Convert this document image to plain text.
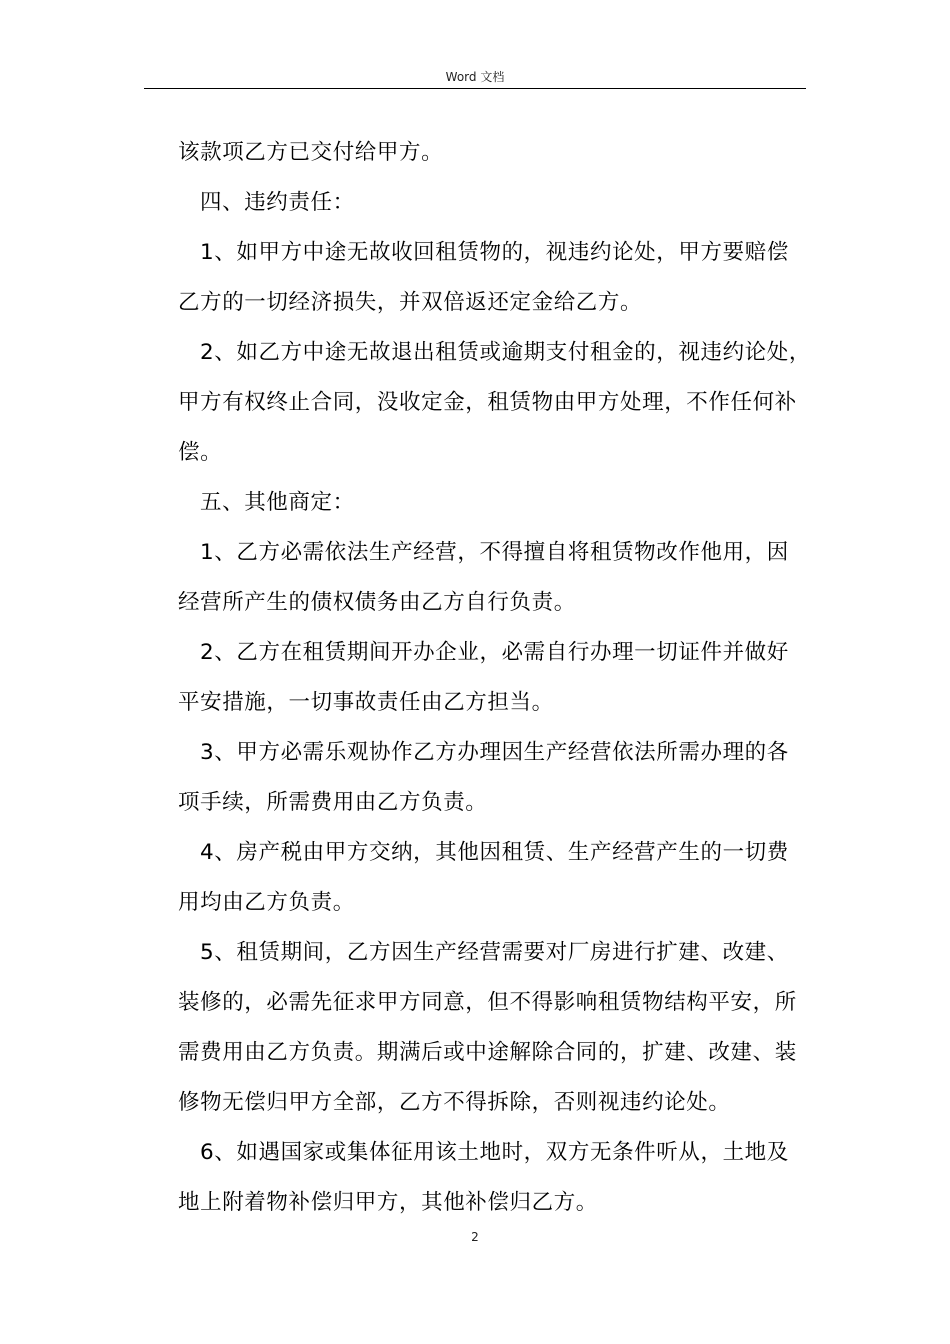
Word 文档
该款项乙方已交付给甲方。
四、违约责任：
1、如甲方中途无故收回租赁物的，视违约论处，甲方要赔偿
乙方的一切经济损失，并双倍返还定金给乙方。
2、如乙方中途无故退出租赁或逾期支付租金的，视违约论处，
甲方有权终止合同，没收定金，租赁物由甲方处理，不作任何补
偿。
五、其他商定：
1、乙方必需依法生产经营，不得擅自将租赁物改作他用，因
经营所产生的债权债务由乙方自行负责。
2、乙方在租赁期间开办企业，必需自行办理一切证件并做好
平安措施，一切事故责任由乙方担当。
3、甲方必需乐观协作乙方办理因生产经营依法所需办理的各
项手续，所需费用由乙方负责。
4、房产税由甲方交纳，其他因租赁、生产经营产生的一切费
用均由乙方负责。
5、租赁期间，乙方因生产经营需要对厂房进行扩建、改建、
装修的，必需先征求甲方同意，但不得影响租赁物结构平安，所
需费用由乙方负责。期满后或中途解除合同的，扩建、改建、装
修物无偿归甲方全部，乙方不得拆除，否则视违约论处。
6、如遇国家或集体征用该土地时，双方无条件听从，土地及
地上附着物补偿归甲方，其他补偿归乙方。
2
